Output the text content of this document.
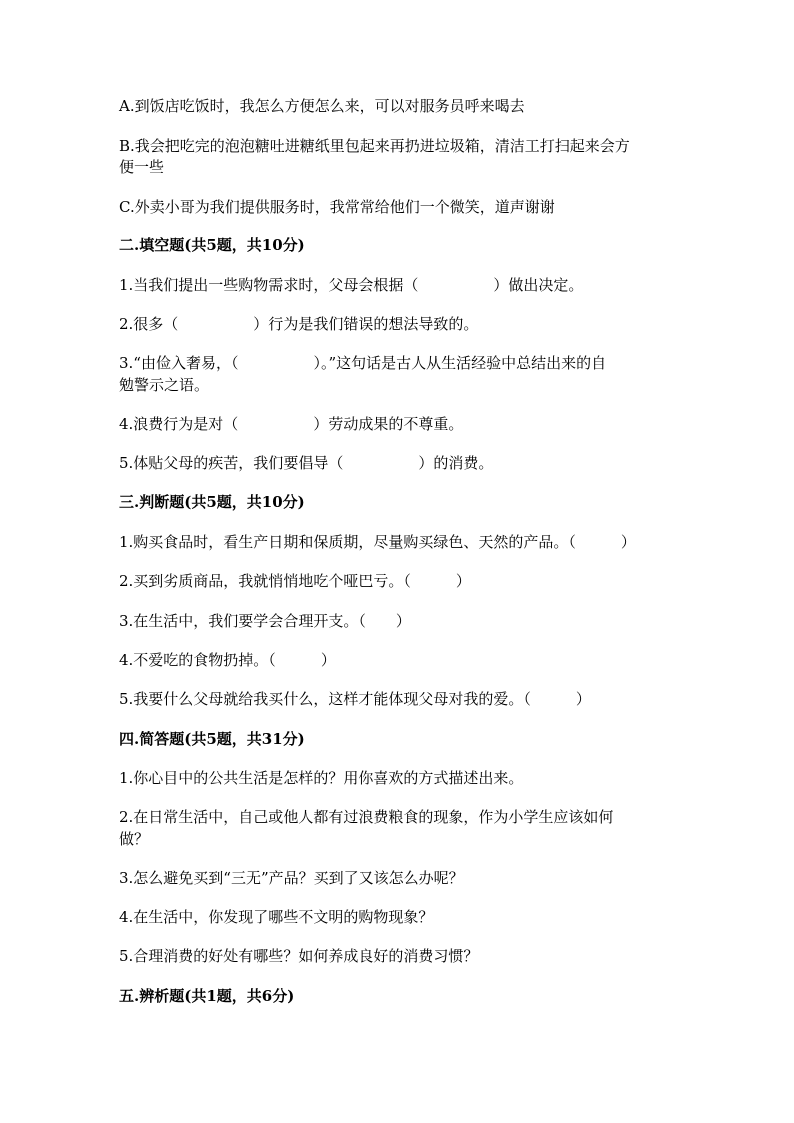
A.到饭店吃饭时，我怎么方便怎么来，可以对服务员呼来喝去
B.我会把吃完的泡泡糖吐进糖纸里包起来再扔进垃圾箱，清洁工打扫起来会方
便一些
C.外卖小哥为我们提供服务时，我常常给他们一个微笑，道声谢谢
二.填空题(共5题，共10分)
1.当我们提出一些购物需求时，父母会根据（　　　　　）做出决定。
2.很多（　　　　　）行为是我们错误的想法导致的。
3.“由俭入奢易，（　　　　　）。”这句话是古人从生活经验中总结出来的自
勉警示之语。
4.浪费行为是对（　　　　　）劳动成果的不尊重。
5.体贴父母的疾苦，我们要倡导（　　　　　）的消费。
三.判断题(共5题，共10分)
1.购买食品时，看生产日期和保质期，尽量购买绿色、天然的产品。（　　　）
2.买到劣质商品，我就悄悄地吃个哑巴亏。（　　　）
3.在生活中，我们要学会合理开支。（　　）
4.不爱吃的食物扔掉。（　　　）
5.我要什么父母就给我买什么，这样才能体现父母对我的爱。（　　　）
四.简答题(共5题，共31分)
1.你心目中的公共生活是怎样的？用你喜欢的方式描述出来。
2.在日常生活中，自己或他人都有过浪费粮食的现象，作为小学生应该如何
做？
3.怎么避免买到“三无”产品？买到了又该怎么办呢？
4.在生活中，你发现了哪些不文明的购物现象？
5.合理消费的好处有哪些？如何养成良好的消费习惯？
五.辨析题(共1题，共6分)
